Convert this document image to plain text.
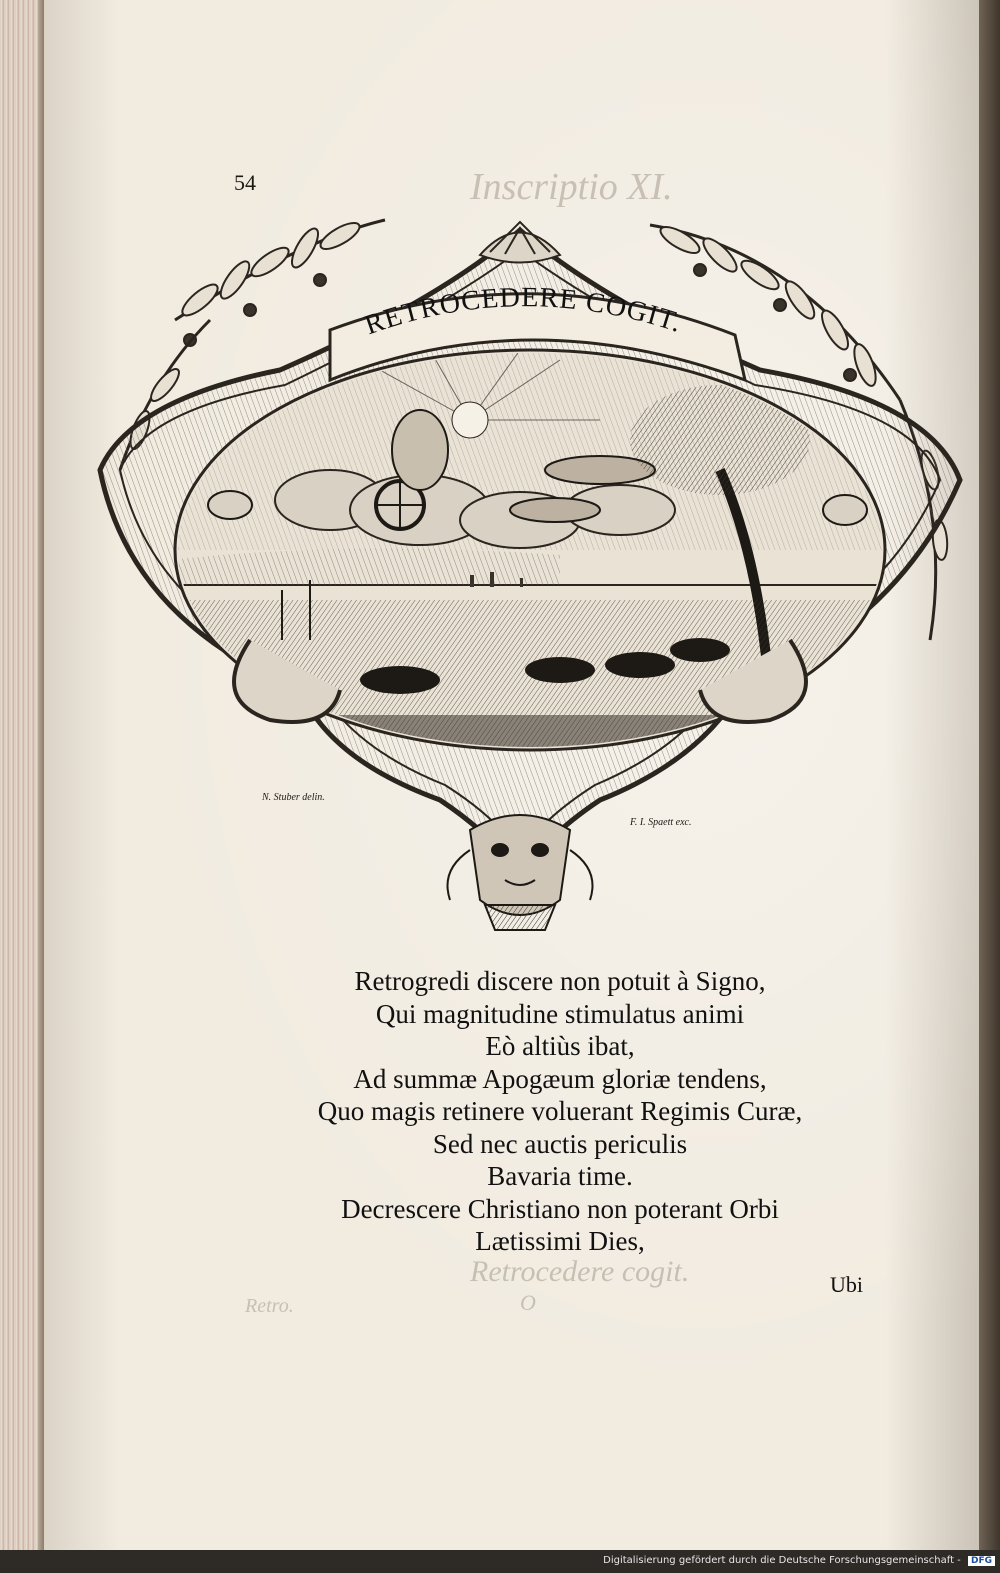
Inscriptio XI.
Retrocedere cogit.
Retro.	O
54
RETROCEDERE COGIT.
N. Stuber delin.
F. I. Spaett exc.
Retrogredi discere non potuit à Signo,
Qui magnitudine stimulatus animi
Eò altiùs ibat,
Ad summæ Apogæum gloriæ tendens,
Quo magis retinere voluerant Regimis Curæ,
Sed nec auctis periculis
Bavaria time.
Decrescere Christiano non poterant Orbi
Lætissimi Dies,
Ubi
Digitalisierung gefördert durch die Deutsche Forschungsgemeinschaft - DFG
